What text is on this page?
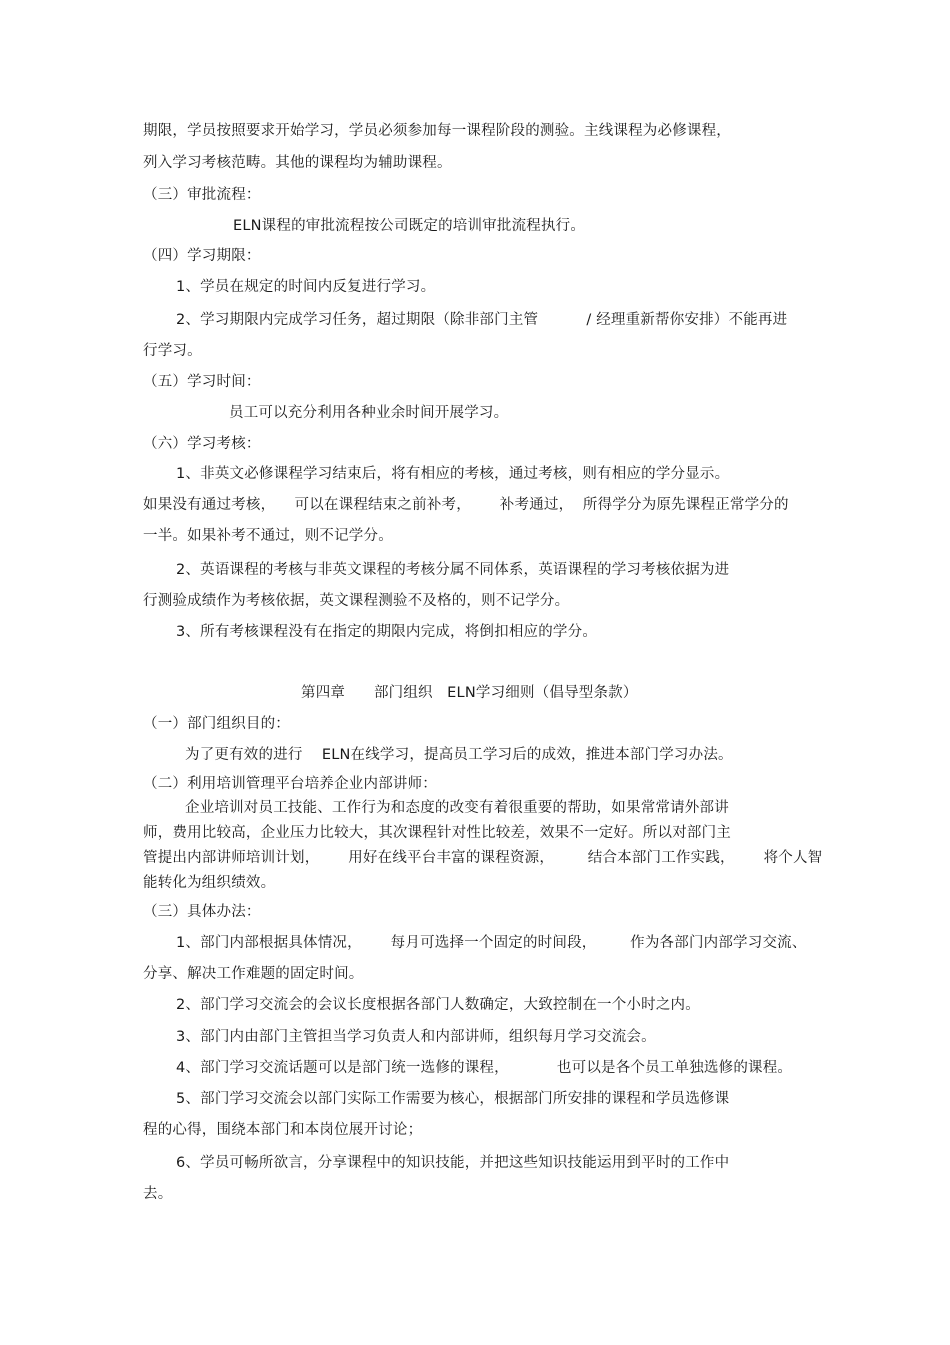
期限，学员按照要求开始学习，学员必须参加每一课程阶段的测验。主线课程为必修课程，
列入学习考核范畴。其他的课程均为辅助课程。
（三）审批流程：
ELN课程的审批流程按公司既定的培训审批流程执行。
（四）学习期限：
1、学员在规定的时间内反复进行学习。
2、学习期限内完成学习任务，超过期限（除非部门主管          / 经理重新帮你安排）不能再进
行学习。
（五）学习时间：
员工可以充分利用各种业余时间开展学习。
（六）学习考核：
1、非英文必修课程学习结束后，将有相应的考核，通过考核，则有相应的学分显示。
如果没有通过考核，    可以在课程结束之前补考，      补考通过，  所得学分为原先课程正常学分的
一半。如果补考不通过，则不记学分。
2、英语课程的考核与非英文课程的考核分属不同体系，英语课程的学习考核依据为进
行测验成绩作为考核依据，英文课程测验不及格的，则不记学分。
3、所有考核课程没有在指定的期限内完成，将倒扣相应的学分。
第四章      部门组织   ELN学习细则（倡导型条款）
（一）部门组织目的：
为了更有效的进行    ELN在线学习，提高员工学习后的成效，推进本部门学习办法。
（二）利用培训管理平台培养企业内部讲师：
企业培训对员工技能、工作行为和态度的改变有着很重要的帮助，如果常常请外部讲
师，费用比较高，企业压力比较大，其次课程针对性比较差，效果不一定好。所以对部门主
管提出内部讲师培训计划，      用好在线平台丰富的课程资源，       结合本部门工作实践，      将个人智
能转化为组织绩效。
（三）具体办法：
1、部门内部根据具体情况，      每月可选择一个固定的时间段，       作为各部门内部学习交流、
分享、解决工作难题的固定时间。
2、部门学习交流会的会议长度根据各部门人数确定，大致控制在一个小时之内。
3、部门内由部门主管担当学习负责人和内部讲师，组织每月学习交流会。
4、部门学习交流话题可以是部门统一选修的课程，          也可以是各个员工单独选修的课程。
5、部门学习交流会以部门实际工作需要为核心，根据部门所安排的课程和学员选修课
程的心得，围绕本部门和本岗位展开讨论；
6、学员可畅所欲言，分享课程中的知识技能，并把这些知识技能运用到平时的工作中
去。
